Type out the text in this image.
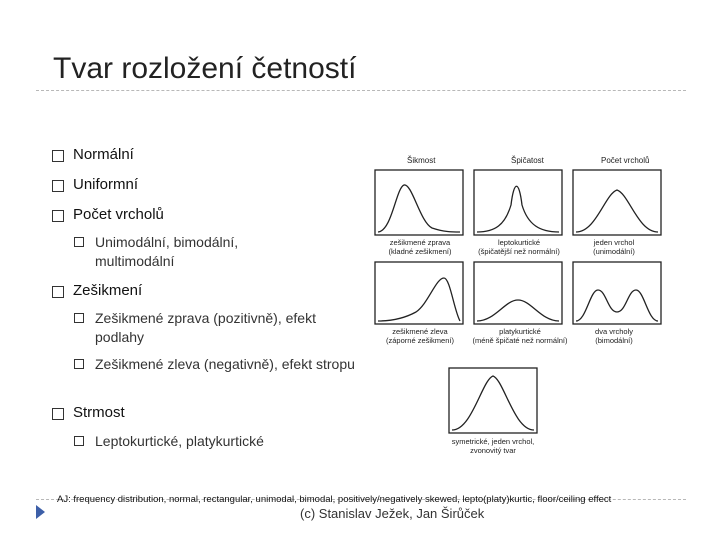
Tvar rozložení četností
Normální
Uniformní
Počet vrcholů
Unimodální, bimodální, multimodální
Zešikmení
Zešikmené zprava (pozitivně), efekt podlahy
Zešikmené zleva (negativně), efekt stropu
Strmost
Leptokurtické, platykurtické
Šikmost	Špičatost	Počet vrcholů
zešikmené zprava
(kladné zešikmení)
leptokurtické
(špičatější než normální)
jeden vrchol
(unimodální)
zešikmené zleva
(záporné zešikmení)
platykurtické
(méně špičaté než normální)
dva vrcholy
(bimodální)
symetrické, jeden vrchol,
zvonovitý tvar
AJ: frequency distribution, normal, rectangular, unimodal, bimodal, positively/negatively skewed, lepto(platy)kurtic, floor/ceiling effect
(c) Stanislav Ježek, Jan Širůček
